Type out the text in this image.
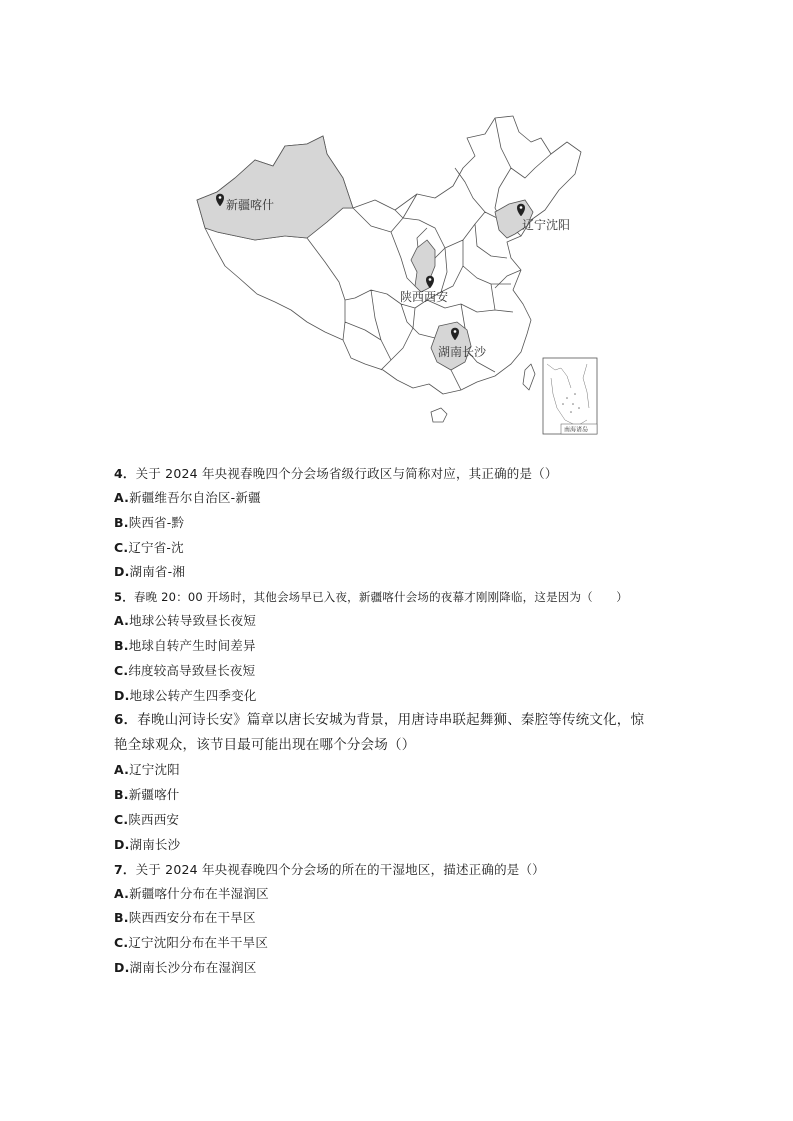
新疆喀什
辽宁沈阳
陕西西安
湖南长沙
南海诸岛

4．关于 2024 年央视春晚四个分会场省级行政区与简称对应，其正确的是（）

A.新疆维吾尔自治区-新疆

B.陕西省-黔

C.辽宁省-沈

D.湖南省-湘

5．春晚 20：00 开场时，其他会场早已入夜，新疆喀什会场的夜幕才刚刚降临，这是因为（　　）

A.地球公转导致昼长夜短

B.地球自转产生时间差异

C.纬度较高导致昼长夜短

D.地球公转产生四季变化

6．春晚山河诗长安》篇章以唐长安城为背景，用唐诗串联起舞狮、秦腔等传统文化，惊艳全球观众，该节目最可能出现在哪个分会场（）

A.辽宁沈阳

B.新疆喀什

C.陕西西安

D.湖南长沙

7．关于 2024 年央视春晚四个分会场的所在的干湿地区，描述正确的是（）

A.新疆喀什分布在半湿润区

B.陕西西安分布在干旱区

C.辽宁沈阳分布在半干旱区

D.湖南长沙分布在湿润区
